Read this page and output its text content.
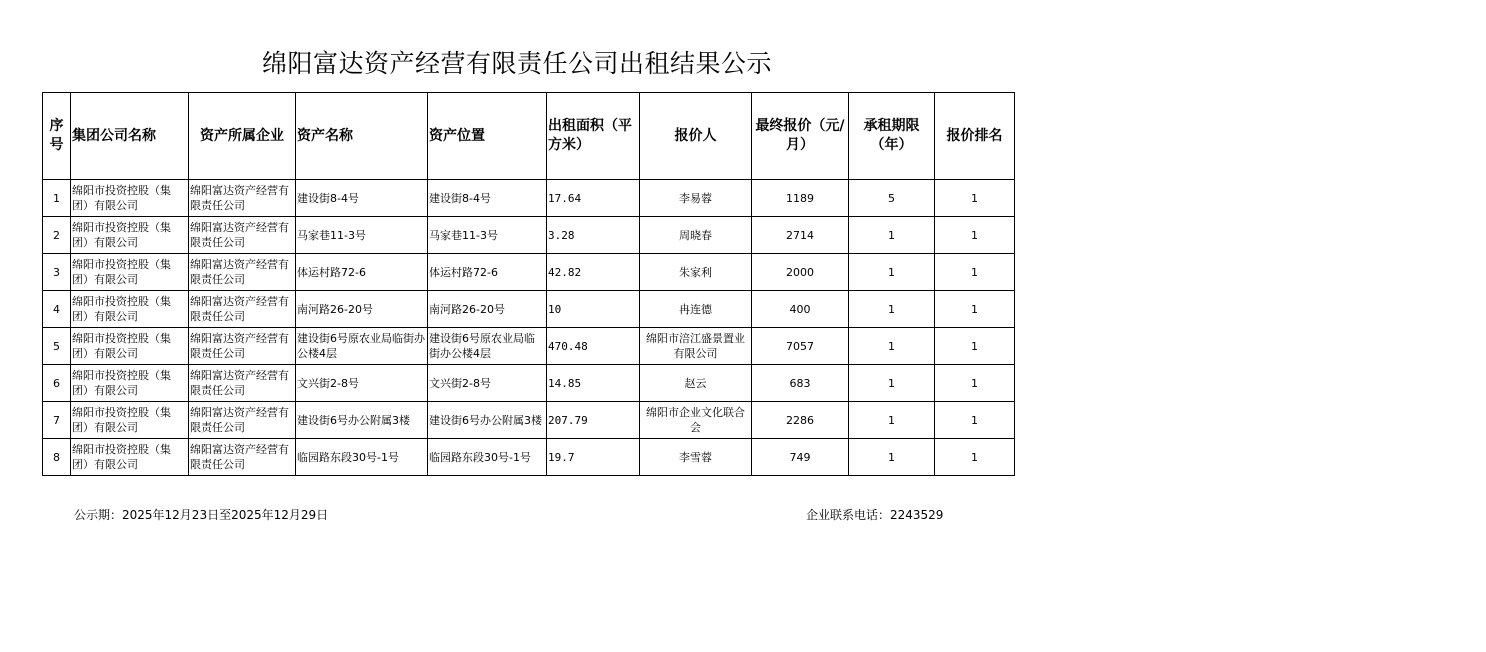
绵阳富达资产经营有限责任公司出租结果公示
序号	集团公司名称	资产所属企业	资产名称	资产位置	出租面积（平方米）	报价人	最终报价（元/月）	承租期限（年）	报价排名
1	绵阳市投资控股（集团）有限公司	绵阳富达资产经营有限责任公司	建设街8-4号	建设街8-4号	17.64	李易蓉	1189	5	1
2	绵阳市投资控股（集团）有限公司	绵阳富达资产经营有限责任公司	马家巷11-3号	马家巷11-3号	3.28	周晓春	2714	1	1
3	绵阳市投资控股（集团）有限公司	绵阳富达资产经营有限责任公司	体运村路72-6	体运村路72-6	42.82	朱家利	2000	1	1
4	绵阳市投资控股（集团）有限公司	绵阳富达资产经营有限责任公司	南河路26-20号	南河路26-20号	10	冉连德	400	1	1
5	绵阳市投资控股（集团）有限公司	绵阳富达资产经营有限责任公司	建设街6号原农业局临街办公楼4层	建设街6号原农业局临街办公楼4层	470.48	绵阳市涪江盛景置业有限公司	7057	1	1
6	绵阳市投资控股（集团）有限公司	绵阳富达资产经营有限责任公司	文兴街2-8号	文兴街2-8号	14.85	赵云	683	1	1
7	绵阳市投资控股（集团）有限公司	绵阳富达资产经营有限责任公司	建设街6号办公附属3楼	建设街6号办公附属3楼	207.79	绵阳市企业文化联合会	2286	1	1
8	绵阳市投资控股（集团）有限公司	绵阳富达资产经营有限责任公司	临园路东段30号-1号	临园路东段30号-1号	19.7	李雪蓉	749	1	1
公示期：2025年12月23日至2025年12月29日	企业联系电话：2243529
